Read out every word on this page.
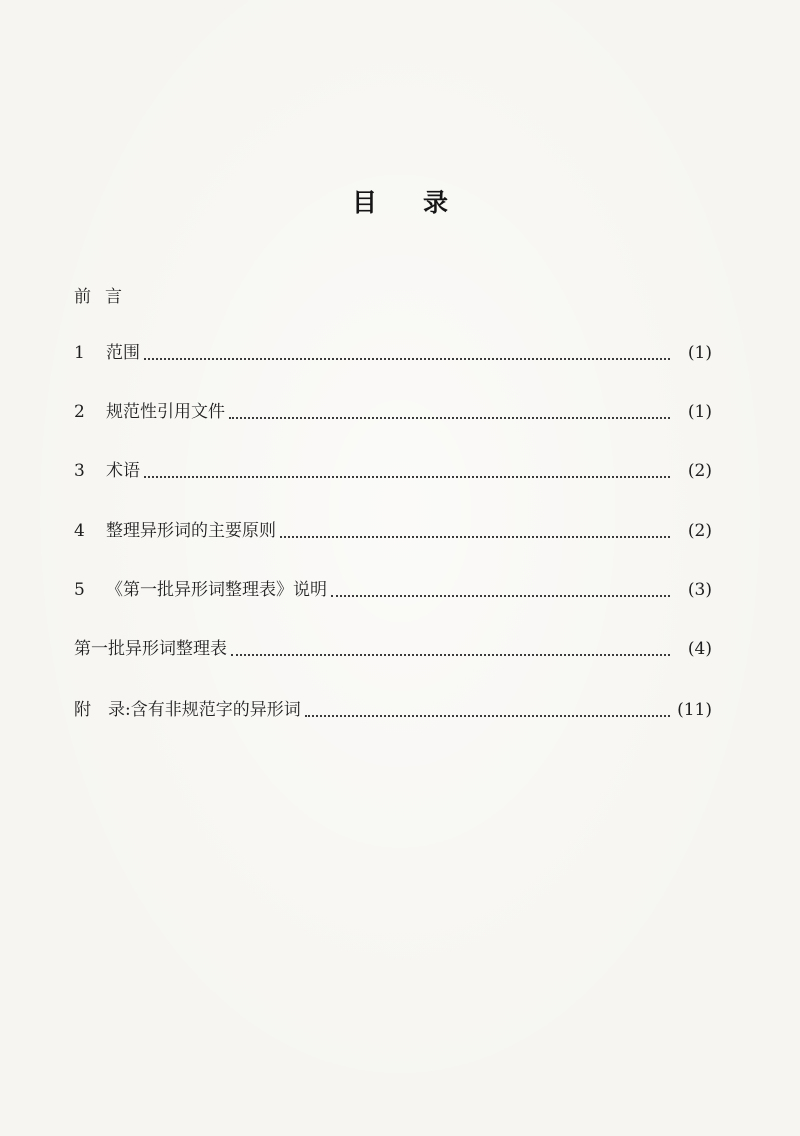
目录
前言
1	范围	(1)
2	规范性引用文件	(1)
3	术语	(2)
4	整理异形词的主要原则	(2)
5	《第一批异形词整理表》说明	(3)
第一批异形词整理表	(4)
附　录:含有非规范字的异形词	(11)
